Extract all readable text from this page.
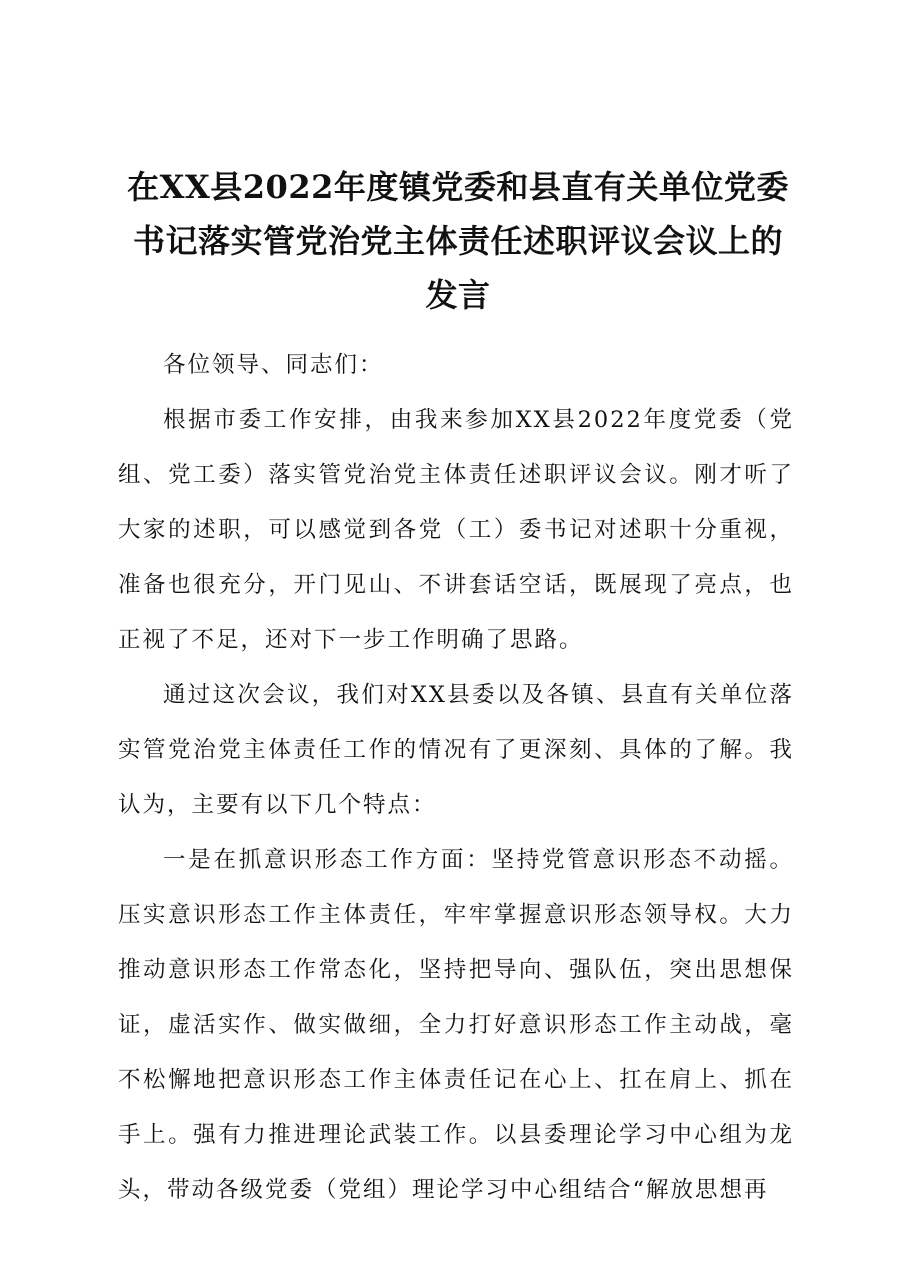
在XX县2022年度镇党委和县直有关单位党委书记落实管党治党主体责任述职评议会议上的发言

各位领导、同志们：

根据市委工作安排，由我来参加XX县2022年度党委（党组、党工委）落实管党治党主体责任述职评议会议。刚才听了大家的述职，可以感觉到各党（工）委书记对述职十分重视，准备也很充分，开门见山、不讲套话空话，既展现了亮点，也正视了不足，还对下一步工作明确了思路。

通过这次会议，我们对XX县委以及各镇、县直有关单位落实管党治党主体责任工作的情况有了更深刻、具体的了解。我认为，主要有以下几个特点：

一是在抓意识形态工作方面：坚持党管意识形态不动摇。压实意识形态工作主体责任，牢牢掌握意识形态领导权。大力推动意识形态工作常态化，坚持把导向、强队伍，突出思想保证，虚活实作、做实做细，全力打好意识形态工作主动战，毫不松懈地把意识形态工作主体责任记在心上、扛在肩上、抓在手上。强有力推进理论武装工作。以县委理论学习中心组为龙头，带动各级党委（党组）理论学习中心组结合“解放思想再
